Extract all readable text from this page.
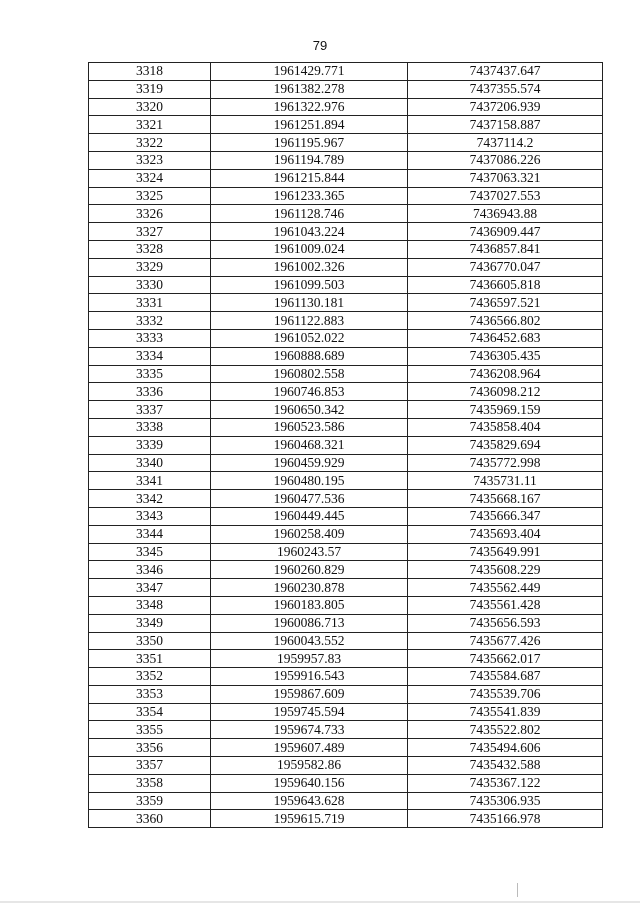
79
3318	1961429.771	7437437.647
3319	1961382.278	7437355.574
3320	1961322.976	7437206.939
3321	1961251.894	7437158.887
3322	1961195.967	7437114.2
3323	1961194.789	7437086.226
3324	1961215.844	7437063.321
3325	1961233.365	7437027.553
3326	1961128.746	7436943.88
3327	1961043.224	7436909.447
3328	1961009.024	7436857.841
3329	1961002.326	7436770.047
3330	1961099.503	7436605.818
3331	1961130.181	7436597.521
3332	1961122.883	7436566.802
3333	1961052.022	7436452.683
3334	1960888.689	7436305.435
3335	1960802.558	7436208.964
3336	1960746.853	7436098.212
3337	1960650.342	7435969.159
3338	1960523.586	7435858.404
3339	1960468.321	7435829.694
3340	1960459.929	7435772.998
3341	1960480.195	7435731.11
3342	1960477.536	7435668.167
3343	1960449.445	7435666.347
3344	1960258.409	7435693.404
3345	1960243.57	7435649.991
3346	1960260.829	7435608.229
3347	1960230.878	7435562.449
3348	1960183.805	7435561.428
3349	1960086.713	7435656.593
3350	1960043.552	7435677.426
3351	1959957.83	7435662.017
3352	1959916.543	7435584.687
3353	1959867.609	7435539.706
3354	1959745.594	7435541.839
3355	1959674.733	7435522.802
3356	1959607.489	7435494.606
3357	1959582.86	7435432.588
3358	1959640.156	7435367.122
3359	1959643.628	7435306.935
3360	1959615.719	7435166.978
